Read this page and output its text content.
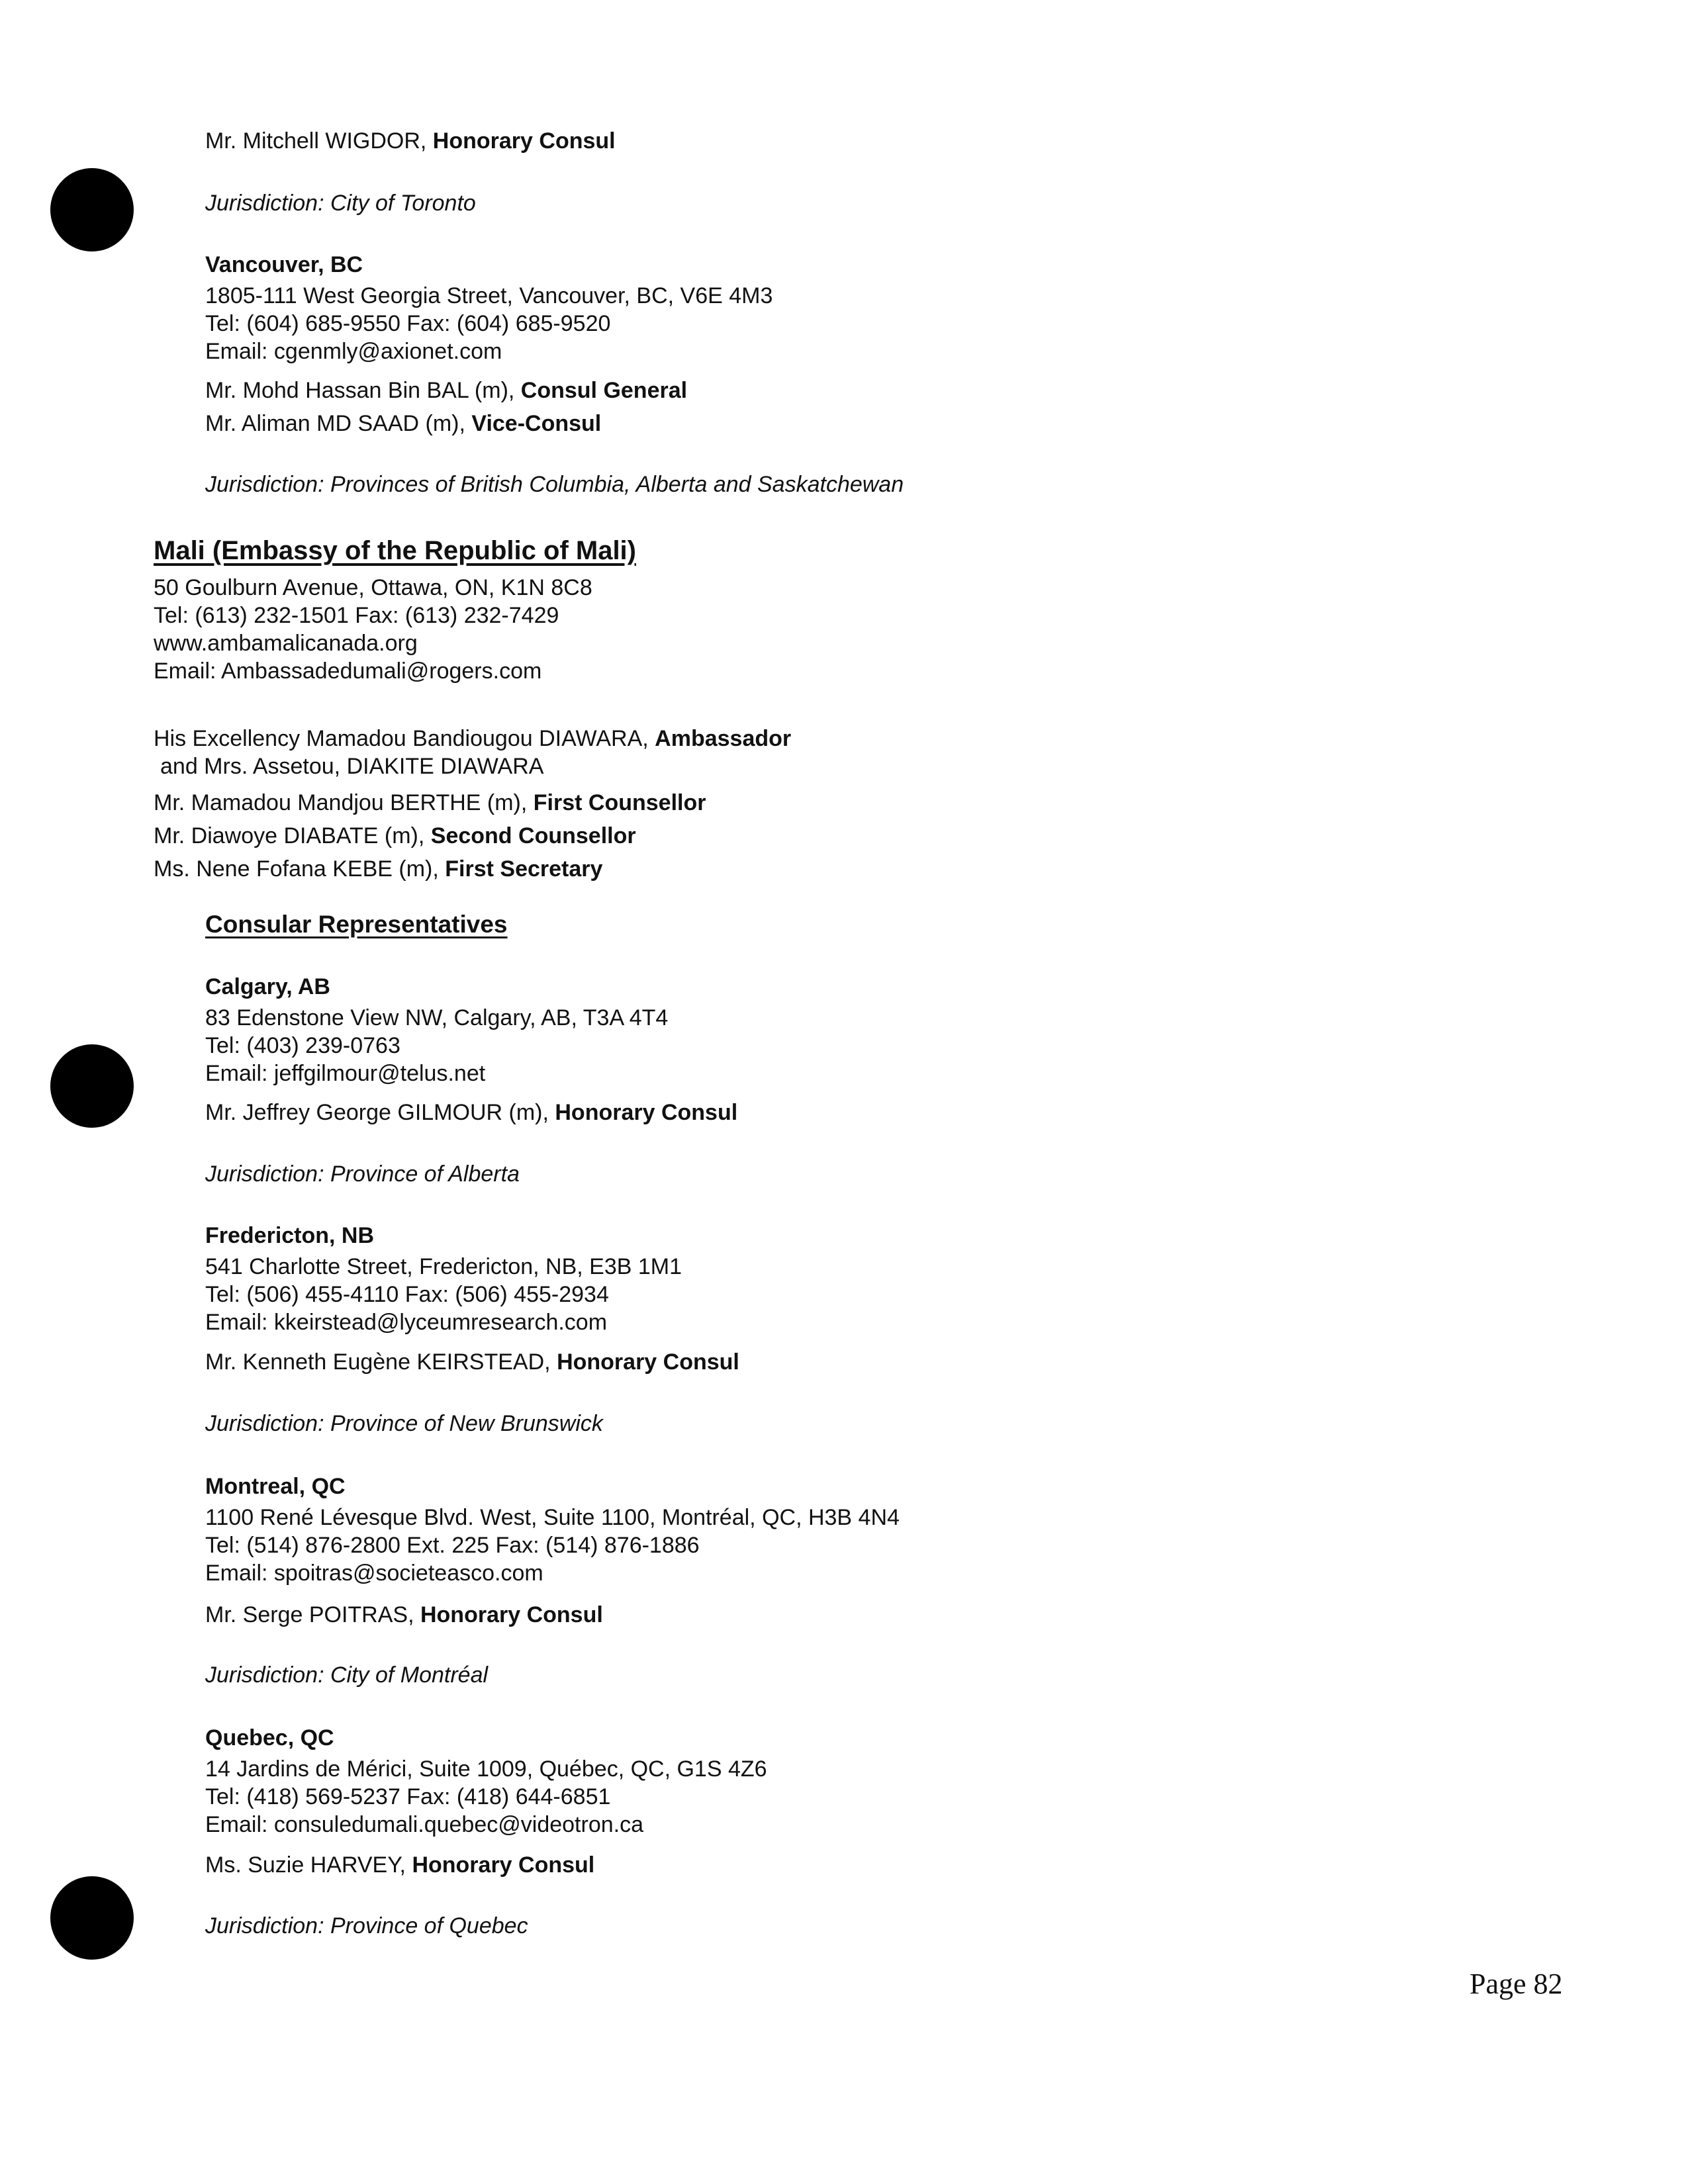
Mr. Mitchell WIGDOR, Honorary Consul
Jurisdiction: City of Toronto
Vancouver, BC
1805-111 West Georgia Street, Vancouver, BC, V6E 4M3
Tel: (604) 685-9550 Fax: (604) 685-9520
Email: cgenmly@axionet.com
Mr. Mohd Hassan Bin BAL (m), Consul General
Mr. Aliman MD SAAD (m), Vice-Consul
Jurisdiction: Provinces of British Columbia, Alberta and Saskatchewan
Mali (Embassy of the Republic of Mali)
50 Goulburn Avenue, Ottawa, ON, K1N 8C8
Tel: (613) 232-1501 Fax: (613) 232-7429
www.ambamalicanada.org
Email: Ambassadedumali@rogers.com
His Excellency Mamadou Bandiougou DIAWARA, Ambassador
and Mrs. Assetou, DIAKITE DIAWARA
Mr. Mamadou Mandjou BERTHE (m), First Counsellor
Mr. Diawoye DIABATE (m), Second Counsellor
Ms. Nene Fofana KEBE (m), First Secretary
Consular Representatives
Calgary, AB
83 Edenstone View NW, Calgary, AB, T3A 4T4
Tel: (403) 239-0763
Email: jeffgilmour@telus.net
Mr. Jeffrey George GILMOUR (m), Honorary Consul
Jurisdiction: Province of Alberta
Fredericton, NB
541 Charlotte Street, Fredericton, NB, E3B 1M1
Tel: (506) 455-4110 Fax: (506) 455-2934
Email: kkeirstead@lyceumresearch.com
Mr. Kenneth Eugène KEIRSTEAD, Honorary Consul
Jurisdiction: Province of New Brunswick
Montreal, QC
1100 René Lévesque Blvd. West, Suite 1100, Montréal, QC, H3B 4N4
Tel: (514) 876-2800 Ext. 225 Fax: (514) 876-1886
Email: spoitras@societeasco.com
Mr. Serge POITRAS, Honorary Consul
Jurisdiction: City of Montréal
Quebec, QC
14 Jardins de Mérici, Suite 1009, Québec, QC, G1S 4Z6
Tel: (418) 569-5237 Fax: (418) 644-6851
Email: consuledumali.quebec@videotron.ca
Ms. Suzie HARVEY, Honorary Consul
Jurisdiction: Province of Quebec
Page 82
